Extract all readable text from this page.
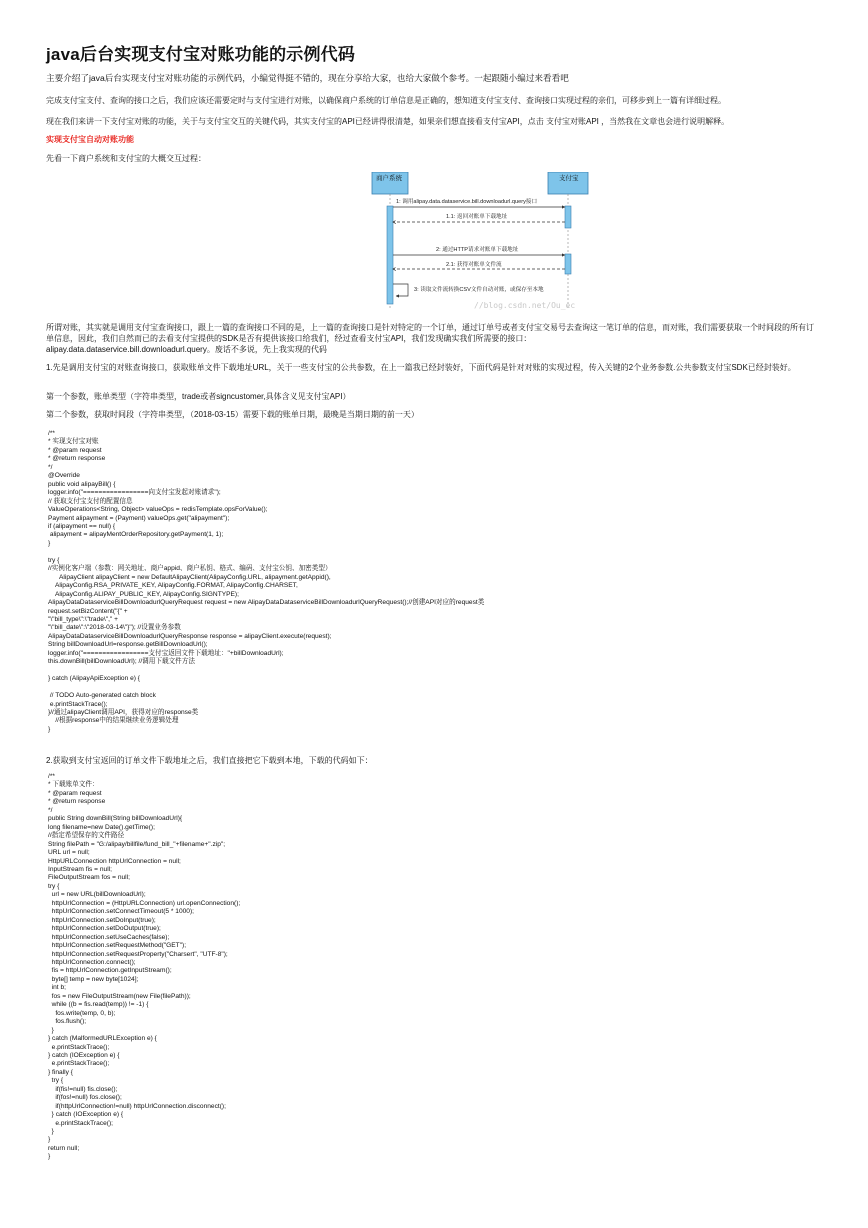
java后台实现支付宝对账功能的示例代码

主要介绍了java后台实现支付宝对账功能的示例代码，小编觉得挺不错的，现在分享给大家，也给大家做个参考。一起跟随小编过来看看吧

完成支付宝支付、查询的接口之后，我们应该还需要定时与支付宝进行对账，以确保商户系统的订单信息是正确的，想知道支付宝支付、查询接口实现过程的亲们，可移步到上一篇有详细过程。

现在我们来讲一下支付宝对账的功能，关于与支付宝交互的关键代码，其实支付宝的API已经讲得很清楚，如果亲们想直接看支付宝API，点击 支付宝对账API ，当然我在文章也会进行说明解释。

实现支付宝自动对账功能

先看一下商户系统和支付宝的大概交互过程：

商户系统	支付宝
1: 调用alipay.data.dataservice.bill.downloadurl.query接口
1.1: 返回对账单下载地址
2: 通过HTTP请求对账单下载地址
2.1: 获得对账单文件流
3: 读取文件流转换CSV文件自动对账，或保存至本地
//blog.csdn.net/Ou_ec

所谓对账，其实就是调用支付宝查询接口，跟上一篇的查询接口不同的是，上一篇的查询接口是针对特定的一个订单，通过订单号或者支付宝交易号去查询这一笔订单的信息，而对账，我们需要获取一个时间段的所有订单信息，因此，我们自然而已的去看支付宝提供的SDK是否有提供该接口给我们，经过查看支付宝API，我们发现确实我们所需要的接口：

alipay.data.dataservice.bill.downloadurl.query。废话不多说，先上我实现的代码

1.先是调用支付宝的对账查询接口，获取账单文件下载地址URL，关于一些支付宝的公共参数，在上一篇我已经封装好，下面代码是针对对账的实现过程，传入关键的2个业务参数.公共参数支付宝SDK已经封装好。

第一个参数，账单类型（字符串类型，trade或者signcustomer,具体含义见支付宝API）

第二个参数，获取时间段（字符串类型，（2018-03-15）需要下载的账单日期，最晚是当期日期的前一天）

/**
* 实现支付宝对账
* @param request
* @return response
*/
@Override
public void alipayBill() {
logger.info("=================向支付宝发起对账请求");
// 获取支付宝支付的配置信息
ValueOperations<String, Object> valueOps = redisTemplate.opsForValue();
Payment alipayment = (Payment) valueOps.get("alipayment");
if (alipayment == null) {
alipayment = alipayMentOrderRepository.getPayment(1, 1);
}

try {
//实例化客户端（参数：网关地址、商户appid、商户私钥、格式、编码、支付宝公钥、加密类型）
AlipayClient alipayClient = new DefaultAlipayClient(AlipayConfig.URL, alipayment.getAppid(),
AlipayConfig.RSA_PRIVATE_KEY, AlipayConfig.FORMAT, AlipayConfig.CHARSET,
AlipayConfig.ALIPAY_PUBLIC_KEY, AlipayConfig.SIGNTYPE);
AlipayDataDataserviceBillDownloadurlQueryRequest request = new AlipayDataDataserviceBillDownloadurlQueryRequest();//创建API对应的request类
request.setBizContent("{" +
"\"bill_type\":\"trade\"," +
"\"bill_date\":\"2018-03-14\"}"); //设置业务参数
AlipayDataDataserviceBillDownloadurlQueryResponse response = alipayClient.execute(request);
String billDownloadUrl=response.getBillDownloadUrl();
logger.info("=================支付宝返回文件下载地址："+billDownloadUrl);
this.downBill(billDownloadUrl); //调用下载文件方法

} catch (AlipayApiException e) {

// TODO Auto-generated catch block
e.printStackTrace();
}//通过alipayClient调用API，获得对应的response类
//根据response中的结果继续业务逻辑处理
}

2.获取到支付宝返回的订单文件下载地址之后，我们直接把它下载到本地，下载的代码如下：

/**
* 下载账单文件：
* @param request
* @return response
*/
public String downBill(String billDownloadUrl){
long filename=new Date().getTime();
//指定希望保存的文件路径
String filePath = "G:/alipay/billfile/fund_bill_"+filename+".zip";
URL url = null;
HttpURLConnection httpUrlConnection = null;
InputStream fis = null;
FileOutputStream fos = null;
try {
url = new URL(billDownloadUrl);
httpUrlConnection = (HttpURLConnection) url.openConnection();
httpUrlConnection.setConnectTimeout(5 * 1000);
httpUrlConnection.setDoInput(true);
httpUrlConnection.setDoOutput(true);
httpUrlConnection.setUseCaches(false);
httpUrlConnection.setRequestMethod("GET");
httpUrlConnection.setRequestProperty("Charsert", "UTF-8");
httpUrlConnection.connect();
fis = httpUrlConnection.getInputStream();
byte[] temp = new byte[1024];
int b;
fos = new FileOutputStream(new File(filePath));
while ((b = fis.read(temp)) != -1) {
fos.write(temp, 0, b);
fos.flush();
}
} catch (MalformedURLException e) {
e.printStackTrace();
} catch (IOException e) {
e.printStackTrace();
} finally {
try {
if(fis!=null) fis.close();
if(fos!=null) fos.close();
if(httpUrlConnection!=null) httpUrlConnection.disconnect();
} catch (IOException e) {
e.printStackTrace();
}
}
return null;
}
